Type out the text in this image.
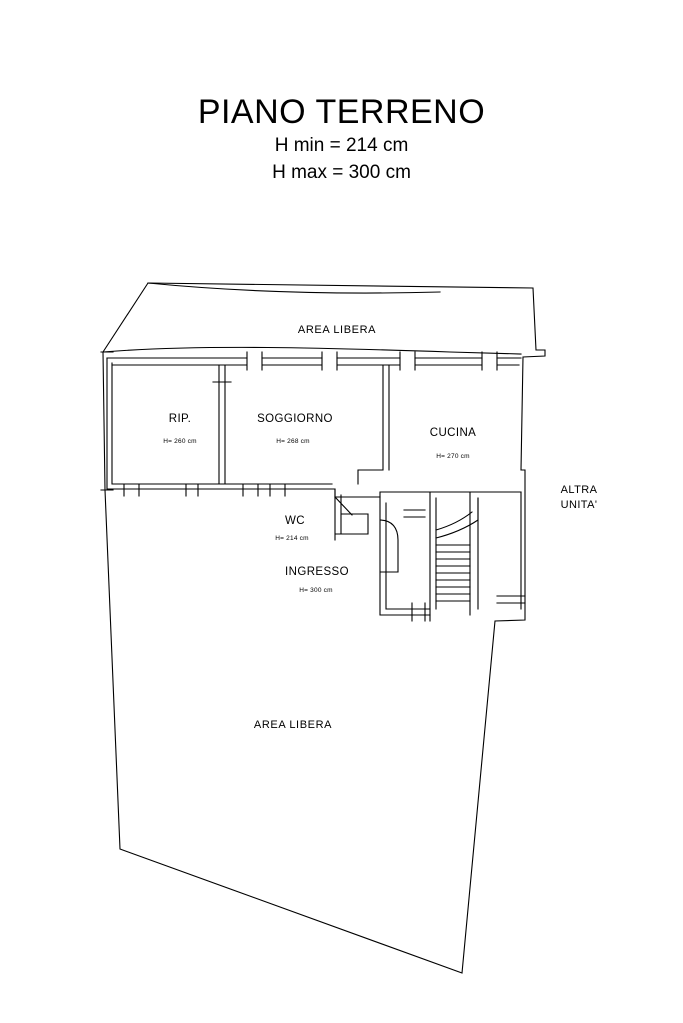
PIANO TERRENO
H min = 214 cm
H max = 300 cm
AREA LIBERA
AREA LIBERA
RIP.
H= 260 cm
SOGGIORNO
H= 268 cm
CUCINA
H= 270 cm
WC
H= 214 cm
INGRESSO
H= 300 cm
ALTRA
UNITA'
